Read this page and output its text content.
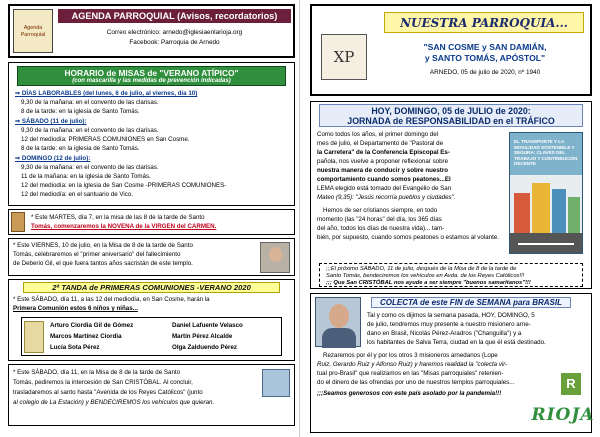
Agenda
Parroquial
AGENDA PARROQUIAL (Avisos, recordatorios)
Correo electrónico: arnedo@iglesiaenlarioja.org
Facebook: Parroquia de Arnedo
HORARIO de MISAS de "VERANO ATÍPICO"
(con mascarilla y las medidas de prevención indicadas)
⇒ DÍAS LABORABLES (del lunes, 6 de julio, al viernes, día 10)
9,30 de la mañana: en el convento de las clarisas.
8 de la tarde: en la iglesia de Santo Tomás.
⇒ SÁBADO (11 de julio):
9,30 de la mañana: en el convento de las clarisas.
12 del mediodía: PRIMERAS COMUNIONES en San Cosme.
8 de la tarde: en la iglesia de Santo Tomás.
⇒ DOMINGO (12 de julio):
9,30 de la mañana: en el convento de las clarisas.
11 de la mañana: en la iglesia de Santo Tomás.
12 del mediodía: en la iglesia de San Cosme -PRIMERAS COMUNIONES-
12 del mediodía: en el santuario de Vico.
* Este MARTES, día 7, en la misa de las 8 de la tarde de Santo
Tomás, comenzaremos la NOVENA de la VIRGEN del CARMEN.
* Este VIERNES, 10 de julio, en la Misa de 8 de la tarde de Santo
Tomás, celebraremos el "primer aniversario" del fallecimiento
de Deberio Gil, el que fuera tantos años sacristán de este templo.
2ª TANDA de PRIMERAS COMUNIONES -VERANO 2020
* Este SÁBADO, día 11, a las 12 del mediodía, en San Cosme, harán la
Primera Comunión estos 6 niños y niñas...
Arturo Ciordia Gil de Gómez	Daniel Lafuente Velasco
Marcos Martínez Ciordia	Martín Pérez Alcalde
Lucía Sota Pérez	Olga Zalduendo Pérez
* Este SÁBADO, día 11, en la Misa de 8 de la tarde de Santo
Tomás, pediremos la intercesión de San CRISTÓBAL. Al concluir,
trasladaremos al santo hasta "Avenida de los Reyes Católicos" (junto
al colegio de La Estación) y BENDECIREMOS los vehículos que quieran.
XP
NUESTRA PARROQUIA...
"SAN COSME y SAN DAMIÁN,
y SANTO TOMÁS, APÓSTOL"
ARNEDO, 05 de julio de 2020, nº 1940
HOY, DOMINGO, 05 de JULIO de 2020:
JORNADA de RESPONSABILIDAD en el TRÁFICO
Como todos los años, el primer domingo del
mes de julio, el Departamento de "Pastoral de
la Carretera" de la Conferencia Episcopal Es-
pañola, nos vuelve a proponer reflexionar sobre
nuestra manera de conducir y sobre nuestro
comportamiento cuando somos peatones...El
LEMA elegido está tomado del Evangelio de San
Mateo (9,35): "Jesús recorría pueblos y ciudades".
Hemos de ser cristianos siempre, en todo
momento (las "24 horas" del día, los 365 días
del año, todos los días de nuestra vida)... tam-
bién, por supuesto, cuando somos peatones o estamos al volante.
EL TRANSPORTE Y LA MOVILIDAD SOSTENIBLE Y SEGURA: CLAVES DEL TRABAJO Y CONTRIBUCIÓN DECENTE
;;;El próximo SÁBADO, 11 de julio, después de la Misa de 8 de la tarde de
Santo Tomás, bendeciremos los vehículos en Avda. de los Reyes Católicos!!!
;;; Que San CRISTÓBAL nos ayude a ser siempre "buenos samaritanos"!!!
COLECTA de este FIN de SEMANA para BRASIL
Tal y como os dijimos la semana pasada, HOY, DOMINGO, 5
de julio, tendremos muy presente a nuestro misionero arne-
dano en Brasil, Nicolás Pérez-Aradros ("Changuilla") y a
los habitantes de Salva Terra, ciudad en la que él está destinado.
Rezaremos por él y por los otros 3 misioneros arnedanos (Lope
Ruiz, Gerardo Ruiz y Alfonso Ruiz) y haremos realidad la "colecta vir-
tual pro-Brasil" que realizamos en las "Misas parroquiales" retenien-
do el dinero de las ofrendas por uno de nuestros templos parroquiales...
;;;Seamos generosos con este país asolado por la pandemia!!!
R
RIOJA
